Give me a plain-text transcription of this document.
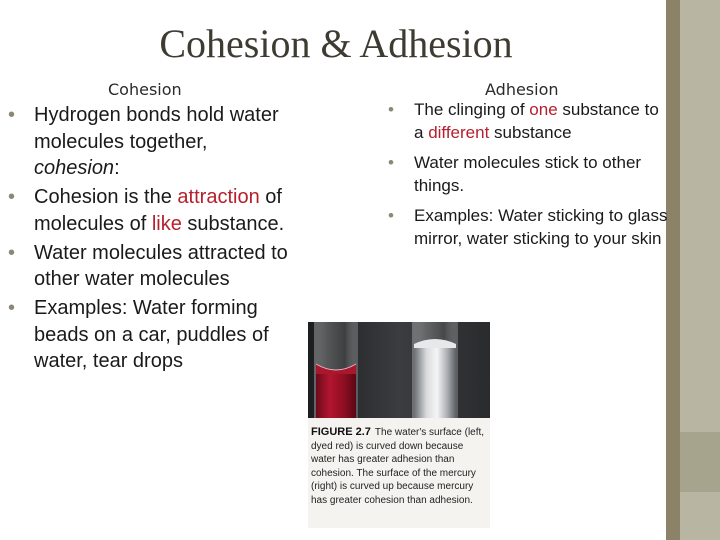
Cohesion & Adhesion
Cohesion	Adhesion
• Hydrogen bonds hold water molecules together, cohesion:
• Cohesion is the attraction of molecules of like substance.
• Water molecules attracted to other water molecules
• Examples: Water forming beads on a car, puddles of water, tear drops
• The clinging of one substance to a different substance
• Water molecules stick to other things.
• Examples: Water sticking to glass mirror, water sticking to your skin
FIGURE 2.7 The water's surface (left, dyed red) is curved down because water has greater adhesion than cohesion. The surface of the mercury (right) is curved up because mercury has greater cohesion than adhesion.
